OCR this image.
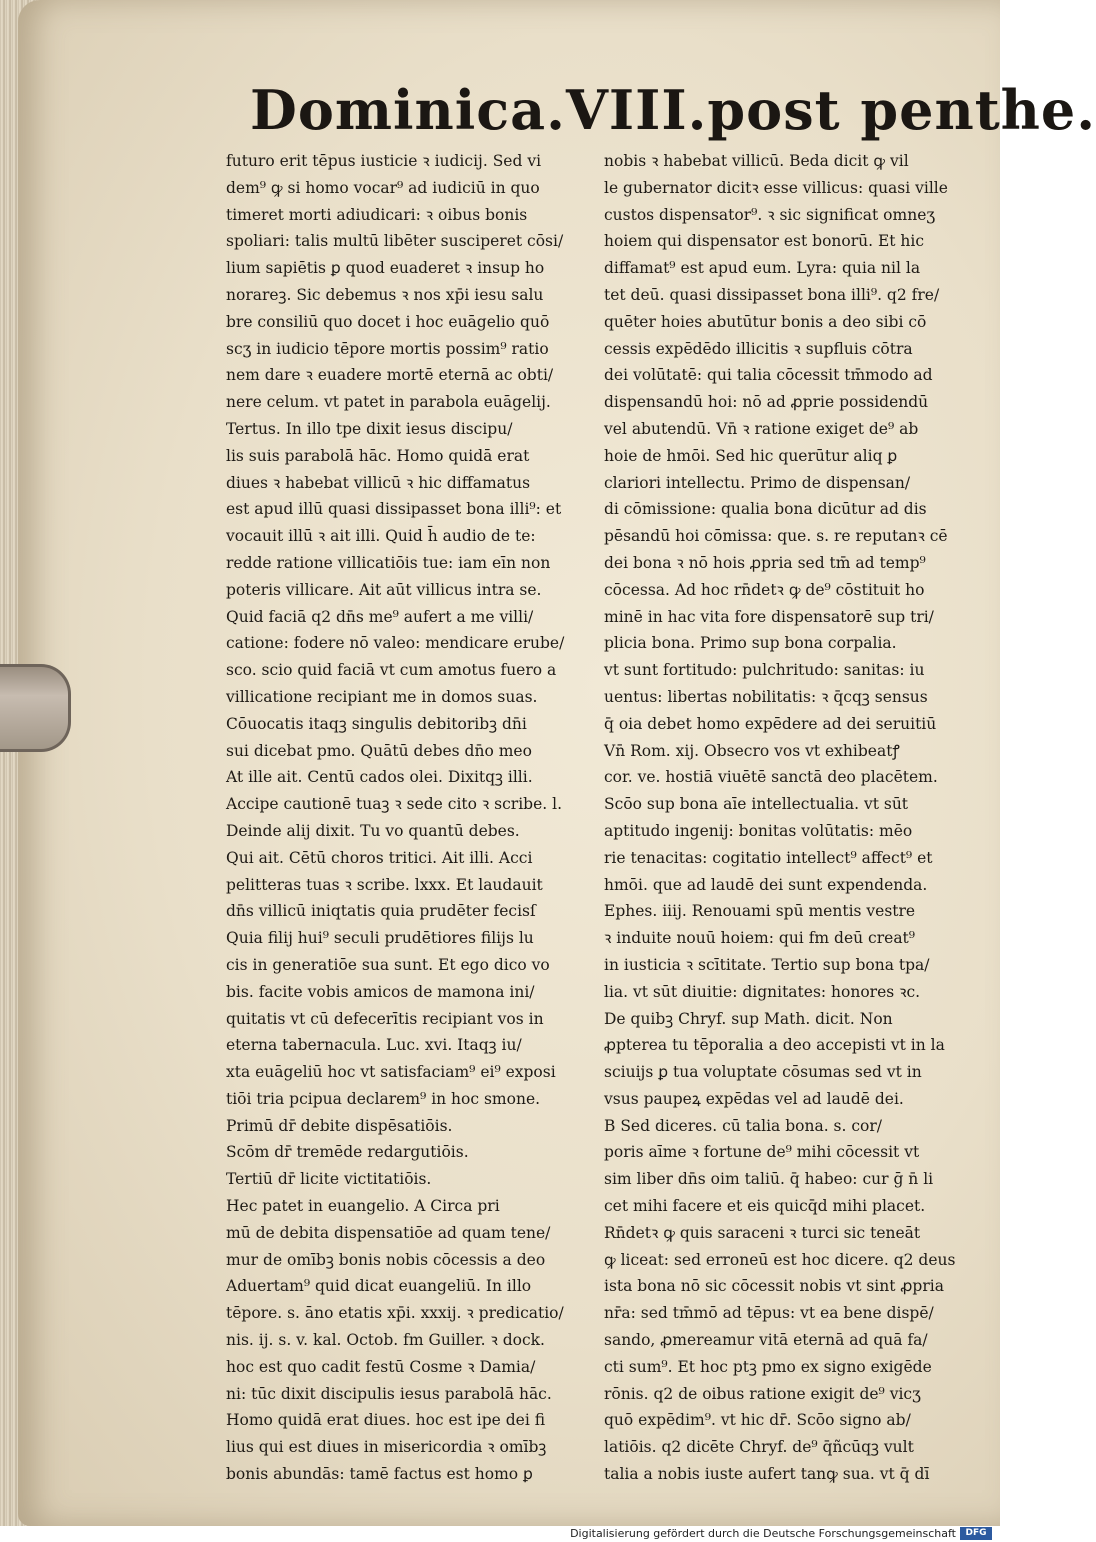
Dominica.VIII.post penthe.
futuro erit tēpus iusticie ꝛ iudicij. Sed vi
dem⁹ ꝙ si homo vocar⁹ ad iudiciū in quo
timeret morti adiudicari: ꝛ oibus bonis
spoliari: talis multū libēter susciperet cōsi/
lium sapiētis ꝑ quod euaderet ꝛ insup ho
norareꝫ. Sic debemus ꝛ nos xp̄i iesu salu
bre consiliū quo docet i hoc euāgelio quō
scʒ in iudicio tēpore mortis possim⁹ ratio
nem dare ꝛ euadere mortē eternā ac obti/
nere celum. vt patet in parabola euāgelij.
Tertus. In illo tpe dixit iesus discipu/
lis suis parabolā hāc. Homo quidā erat
diues ꝛ habebat villicū ꝛ hic diffamatus
est apud illū quasi dissipasset bona illi⁹: et
vocauit illū ꝛ ait illi. Quid h̄ audio de te:
redde ratione villicatiōis tue: iam eīn non
poteris villicare. Ait aūt villicus intra se.
Quid faciā q2 dn̄s me⁹ aufert a me villi/
catione: fodere nō valeo: mendicare erube/
sco. scio quid faciā vt cum amotus fuero a
villicatione recipiant me in domos suas.
Cōuocatis itaqꝫ singulis debitoribꝫ dn̄i
sui dicebat pmo. Quātū debes dn̄o meo
At ille ait. Centū cados olei. Dixitqꝫ illi.
Accipe cautionē tuaꝫ ꝛ sede cito ꝛ scribe. l.
Deinde alij dixit. Tu vo quantū debes.
Qui ait. Cētū choros tritici. Ait illi. Acci
pelitteras tuas ꝛ scribe. lxxx. Et laudauit
dn̄s villicū iniqtatis quia prudēter fecisſ
Quia filij hui⁹ seculi prudētiores filijs lu
cis in generatiōe sua sunt. Et ego dico vo
bis. facite vobis amicos de mamona ini/
quitatis vt cū defecerītis recipiant vos in
eterna tabernacula. Luc. xvi. Itaqꝫ iu/
xta euāgeliū hoc vt satisfaciam⁹ ei⁹ exposi
tiōi tria pcipua declarem⁹ in hoc smone.
Primū dr̄ debite dispēsatiōis.
Scōm dr̄ tremēde redargutiōis.
Tertiū dr̄ licite victitatiōis.
Hec patet in euangelio. A Circa pri
mū de debita dispensatiōe ad quam tene/
mur de omībꝫ bonis nobis cōcessis a deo
Aduertam⁹ quid dicat euangeliū. In illo
tēpore. s. āno etatis xp̄i. xxxij. ꝛ predicatio/
nis. ij. s. v. kal. Octob. fm Guiller. ꝛ dock.
hoc est quo cadit festū Cosme ꝛ Damia/
ni: tūc dixit discipulis iesus parabolā hāc.
Homo quidā erat diues. hoc est ipe dei fi
lius qui est diues in misericordia ꝛ omībꝫ
bonis abundās: tamē factus est homo ꝑ
nobis ꝛ habebat villicū. Beda dicit ꝙ vil
le gubernator dicitꝛ esse villicus: quasi ville
custos dispensator⁹. ꝛ sic significat omneʒ
hoiem qui dispensator est bonorū. Et hic
diffamat⁹ est apud eum. Lyra: quia nil la
tet deū. quasi dissipasset bona illi⁹. q2 fre/
quēter hoies abutūtur bonis a deo sibi cō
cessis expēdēdo illicitis ꝛ supfluis cōtra
dei volūtatē: qui talia cōcessit tm̄modo ad
dispensandū hoi: nō ad ꝓprie possidendū
vel abutendū. Vn̄ ꝛ ratione exiget de⁹ ab
hoie de hmōi. Sed hic querūtur aliq ꝑ
clariori intellectu. Primo de dispensan/
di cōmissione: qualia bona dicūtur ad dis
pēsandū hoi cōmissa: que. s. re reputanꝛ cē
dei bona ꝛ nō hois ꝓpria sed tm̄ ad temp⁹
cōcessa. Ad hoc rn̄detꝛ ꝙ de⁹ cōstituit ho
minē in hac vita fore dispensatorē sup tri/
plicia bona. Primo sup bona corpalia.
vt sunt fortitudo: pulchritudo: sanitas: iu
uentus: libertas nobilitatis: ꝛ q̄cqꝫ sensus
q̄ oia debet homo expēdere ad dei seruitiū
Vn̄ Rom. xij. Obsecro vos vt exhibeatꝭ
cor. ve. hostiā viuētē sanctā deo placētem.
Scōo sup bona aīe intellectualia. vt sūt
aptitudo ingenij: bonitas volūtatis: mēo
rie tenacitas: cogitatio intellect⁹ affect⁹ et
hmōi. que ad laudē dei sunt expendenda.
Ephes. iiij. Renouami spū mentis vestre
ꝛ induite nouū hoiem: qui fm deū creat⁹
in iusticia ꝛ scītitate. Tertio sup bona tpa/
lia. vt sūt diuitie: dignitates: honores ꝛc.
De quibꝫ Chryf. sup Math. dicit. Non
ꝓpterea tu tēporalia a deo accepisti vt in la
sciuijs ꝑ tua voluptate cōsumas sed vt in
vsus paupeꝝ expēdas vel ad laudē dei.
B Sed diceres. cū talia bona. s. cor/
poris aīme ꝛ fortune de⁹ mihi cōcessit vt
sim liber dn̄s oim taliū. q̄ habeo: cur ḡ n̄ li
cet mihi facere et eis quicq̄d mihi placet.
Rn̄detꝛ ꝙ quis saraceni ꝛ turci sic teneāt
ꝙ liceat: sed erroneū est hoc dicere. q2 deus
ista bona nō sic cōcessit nobis vt sint ꝓpria
nr̄a: sed tm̄mō ad tēpus: vt ea bene dispē/
sando, ꝓmereamur vitā eternā ad quā fa/
cti sum⁹. Et hoc ptꝫ pmo ex signo exigēde
rōnis. q2 de oibus ratione exigit de⁹ vicʒ
quō expēdim⁹. vt hic dr̄. Scōo signo ab/
latiōis. q2 dicēte Chryf. de⁹ q̄ñcūqꝫ vult
talia a nobis iuste aufert tanꝙ sua. vt q̄ dī
Digitalisierung gefördert durch die Deutsche Forschungsgemeinschaft	DFG
